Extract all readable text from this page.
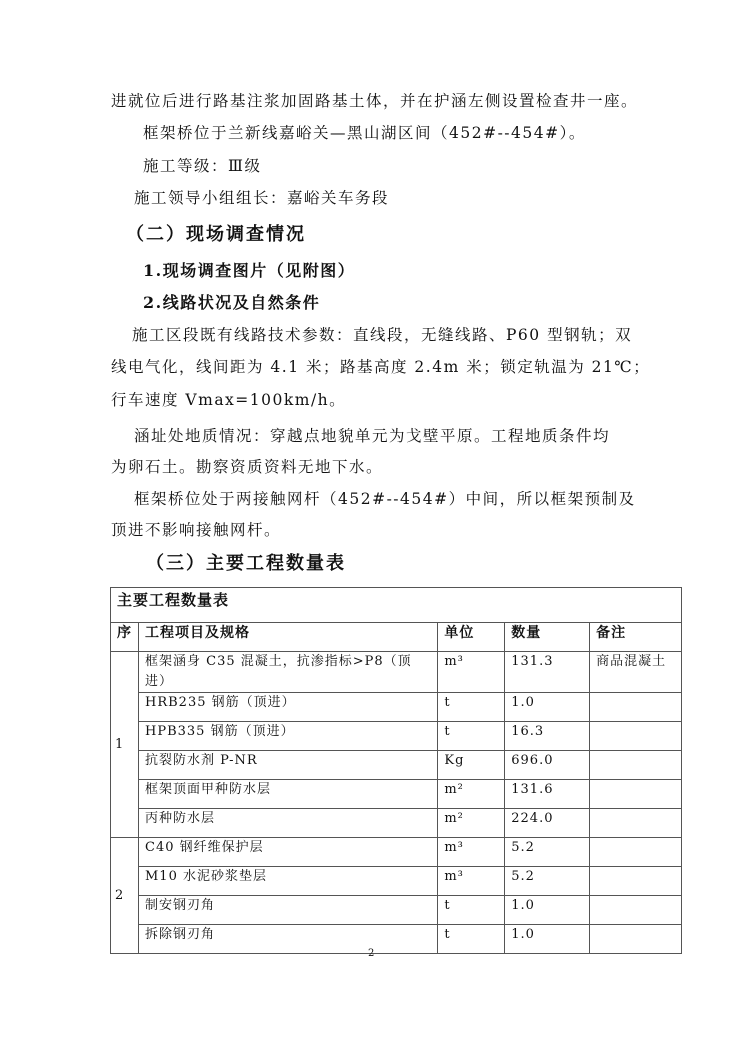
进就位后进行路基注浆加固路基土体，并在护涵左侧设置检查井一座。
框架桥位于兰新线嘉峪关—黑山湖区间（452#--454#）。
施工等级：Ⅲ级
施工领导小组组长：嘉峪关车务段
（二）现场调查情况
1.现场调查图片（见附图）
2.线路状况及自然条件
施工区段既有线路技术参数：直线段，无缝线路、P60 型钢轨；双
线电气化，线间距为 4.1 米；路基高度 2.4m 米；锁定轨温为 21℃；
行车速度 Vmax=100km/h。
涵址处地质情况：穿越点地貌单元为戈壁平原。工程地质条件均
为卵石土。勘察资质资料无地下水。
框架桥位处于两接触网杆（452#--454#）中间，所以框架预制及
顶进不影响接触网杆。
（三）主要工程数量表
主要工程数量表				
序	工程项目及规格	单位	数量	备注
1	框架涵身 C35 混凝土，抗渗指标>P8（顶进）	m³	131.3	商品混凝土
	HRB235 钢筋（顶进）	t	1.0	
	HPB335 钢筋（顶进）	t	16.3	
	抗裂防水剂 P-NR	Kg	696.0	
	框架顶面甲种防水层	m²	131.6	
	丙种防水层	m²	224.0	
2	C40 钢纤维保护层	m³	5.2	
	M10 水泥砂浆垫层	m³	5.2	
	制安钢刃角	t	1.0	
	拆除钢刃角	t	1.0	
2
